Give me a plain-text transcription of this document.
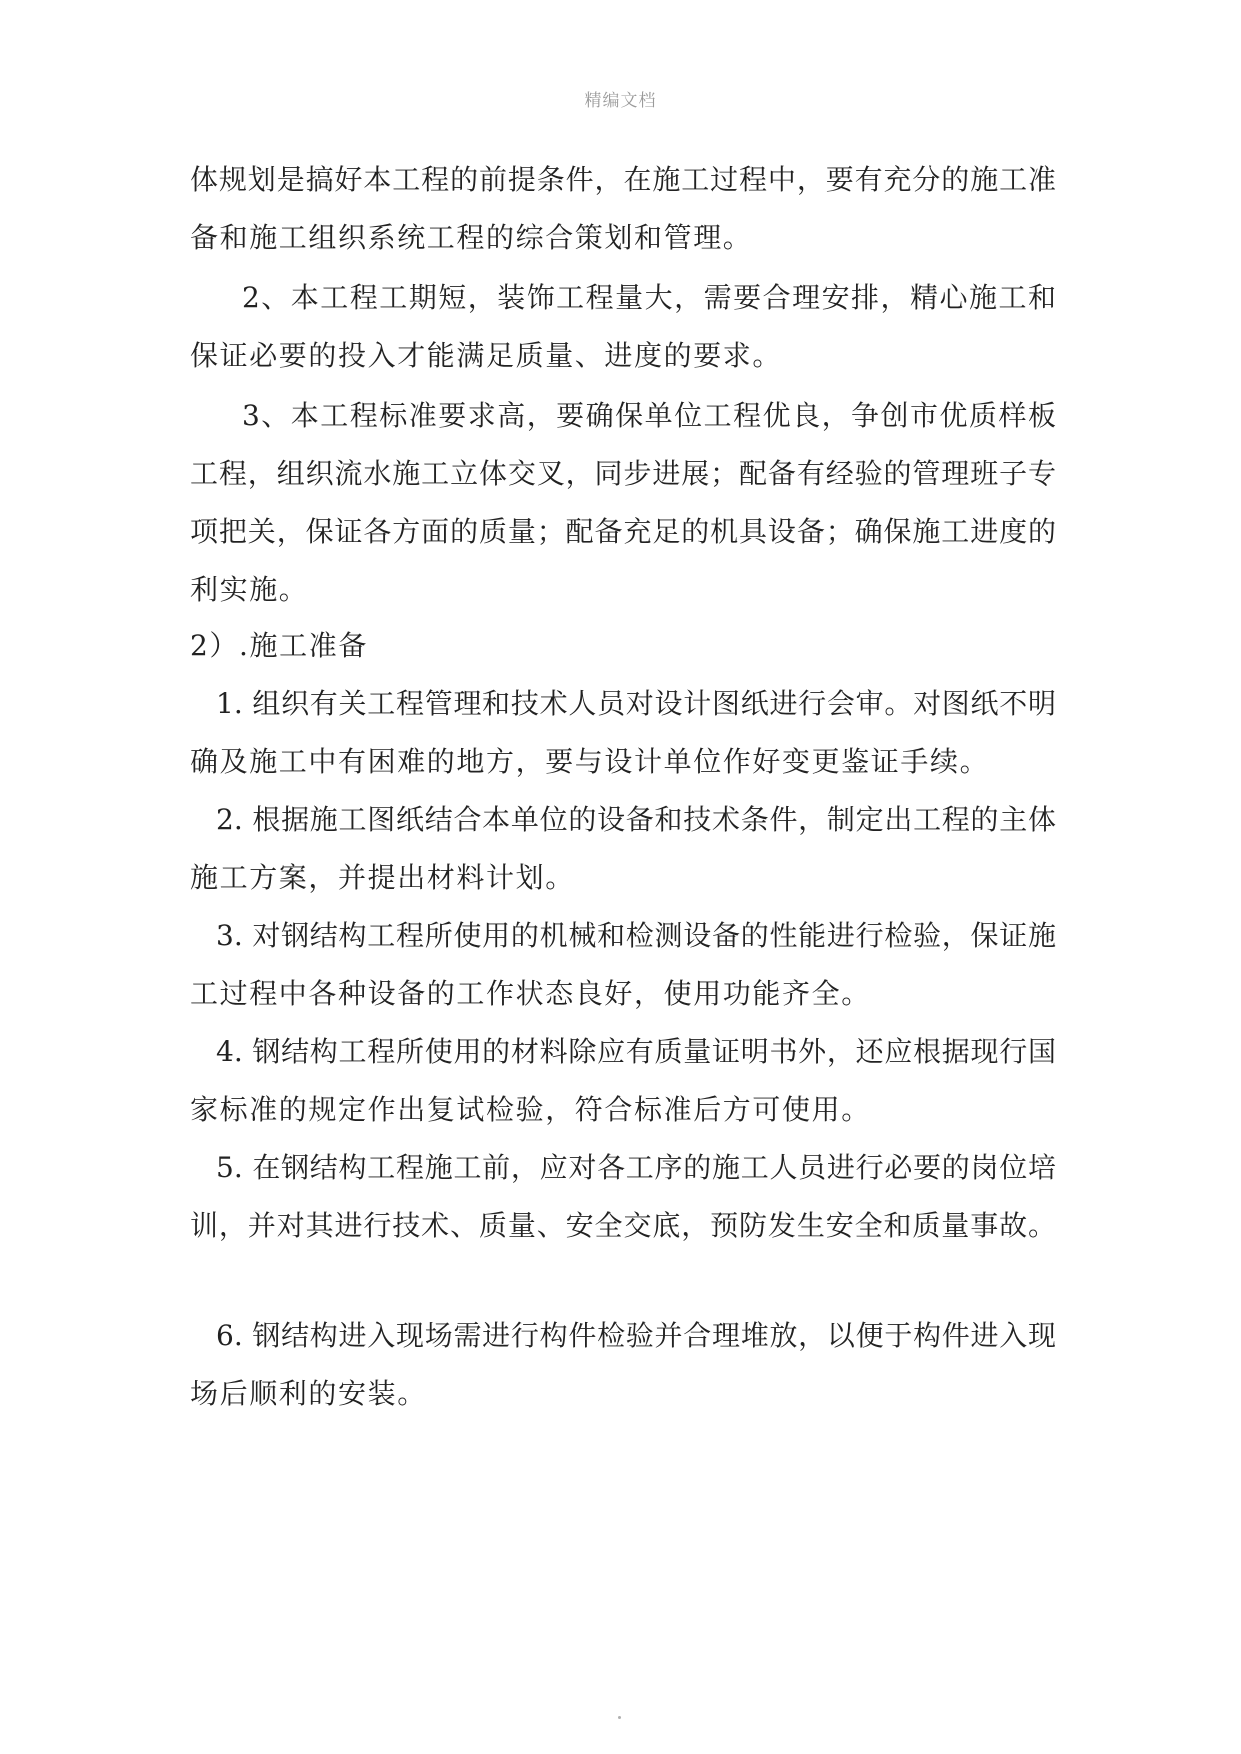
精编文档
体规划是搞好本工程的前提条件，在施工过程中，要有充分的施工准
备和施工组织系统工程的综合策划和管理。
2、本工程工期短，装饰工程量大，需要合理安排，精心施工和
保证必要的投入才能满足质量、进度的要求。
3、本工程标准要求高，要确保单位工程优良，争创市优质样板
工程，组织流水施工立体交叉，同步进展；配备有经验的管理班子专
项把关，保证各方面的质量；配备充足的机具设备；确保施工进度的
利实施。
2）.施工准备
1. 组织有关工程管理和技术人员对设计图纸进行会审。对图纸不明
确及施工中有困难的地方，要与设计单位作好变更鉴证手续。
2. 根据施工图纸结合本单位的设备和技术条件，制定出工程的主体
施工方案，并提出材料计划。
3. 对钢结构工程所使用的机械和检测设备的性能进行检验，保证施
工过程中各种设备的工作状态良好，使用功能齐全。
4. 钢结构工程所使用的材料除应有质量证明书外，还应根据现行国
家标准的规定作出复试检验，符合标准后方可使用。
5. 在钢结构工程施工前，应对各工序的施工人员进行必要的岗位培
训，并对其进行技术、质量、安全交底，预防发生安全和质量事故。
6. 钢结构进入现场需进行构件检验并合理堆放，以便于构件进入现
场后顺利的安装。
